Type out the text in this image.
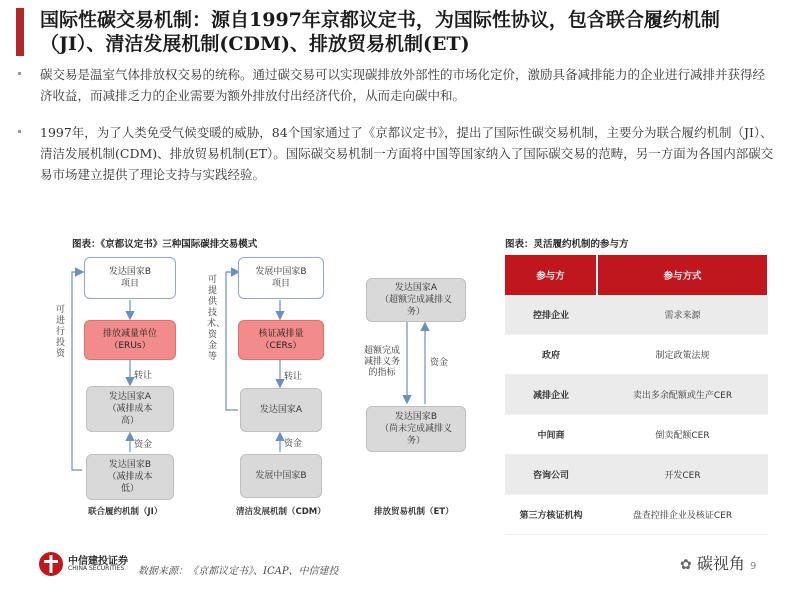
国际性碳交易机制：源自1997年京都议定书，为国际性协议，包含联合履约机制（JI）、清洁发展机制(CDM)、排放贸易机制(ET)
碳交易是温室气体排放权交易的统称。通过碳交易可以实现碳排放外部性的市场化定价，激励具备减排能力的企业进行减排并获得经济收益，而减排乏力的企业需要为额外排放付出经济代价，从而走向碳中和。
1997年，为了人类免受气候变暖的威胁，84个国家通过了《京都议定书》，提出了国际性碳交易机制，主要分为联合履约机制（JI）、清洁发展机制(CDM)、排放贸易机制(ET）。国际碳交易机制一方面将中国等国家纳入了国际碳交易的范畴，另一方面为各国内部碳交易市场建立提供了理论支持与实践经验。
图表：《京都议定书》三种国际碳排交易模式
发达国家B
项目
排放减量单位
（ERUs）
发达国家A
（减排成本
高）
发达国家B
（减排成本
低）
可进行投资
转让
资金
联合履约机制（JI）
发展中国家B
项目
核证减排量
（CERs）
发达国家A
发展中国家B
可提供技术、资金等
转让
资金
清洁发展机制（CDM）
发达国家A
（超额完成减排义
务）
发达国家B
（尚未完成减排义
务）
超额完成
减排义务
的指标
资金
排放贸易机制（ET）
图表：灵活履约机制的参与方
参与方	参与方式
控排企业	需求来源
政府	制定政策法规
减排企业	卖出多余配额或生产CER
中间商	倒卖配额CER
咨询公司	开发CER
第三方核证机构	盘查控排企业及核证CER
中信建投证券
CHINA SECURITIES 数据来源：《京都议定书》、ICAP、中信建投	✿ 碳视角 9
